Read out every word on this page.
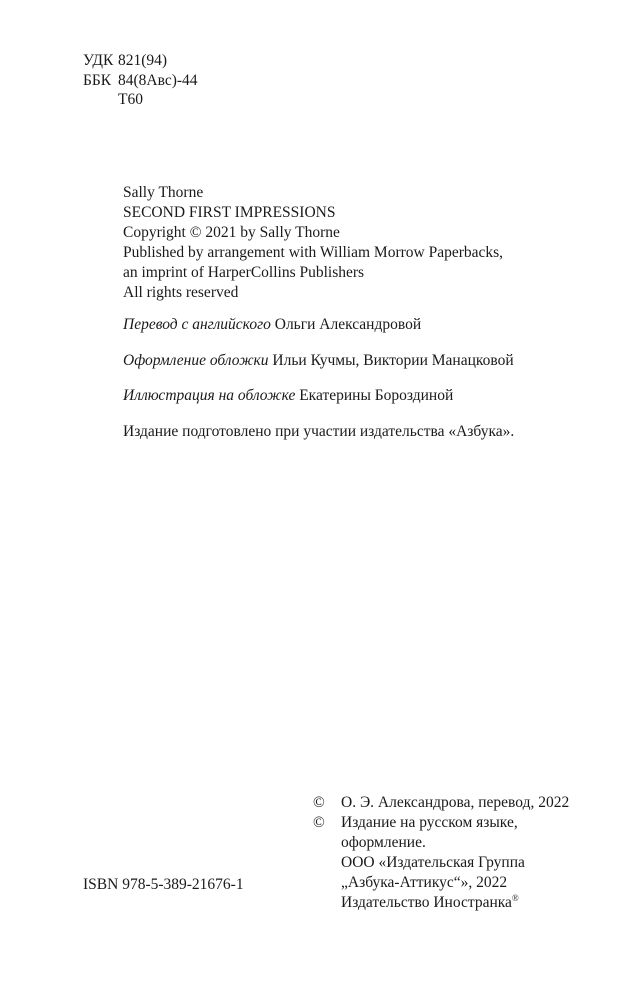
УДК 821(94)
ББК 84(8Авс)-44
Т60
Sally Thorne
SECOND FIRST IMPRESSIONS
Copyright © 2021 by Sally Thorne
Published by arrangement with William Morrow Paperbacks,
an imprint of HarperCollins Publishers
All rights reserved
Перевод с английского Ольги Александровой
Оформление обложки Ильи Кучмы, Виктории Манацковой
Иллюстрация на обложке Екатерины Бороздиной
Издание подготовлено при участии издательства «Азбука».
©	О. Э. Александрова, перевод, 2022
©	Издание на русском языке,
оформление.
ООО «Издательская Группа
„Азбука-Аттикус“», 2022
Издательство Иностранка®
ISBN 978-5-389-21676-1
